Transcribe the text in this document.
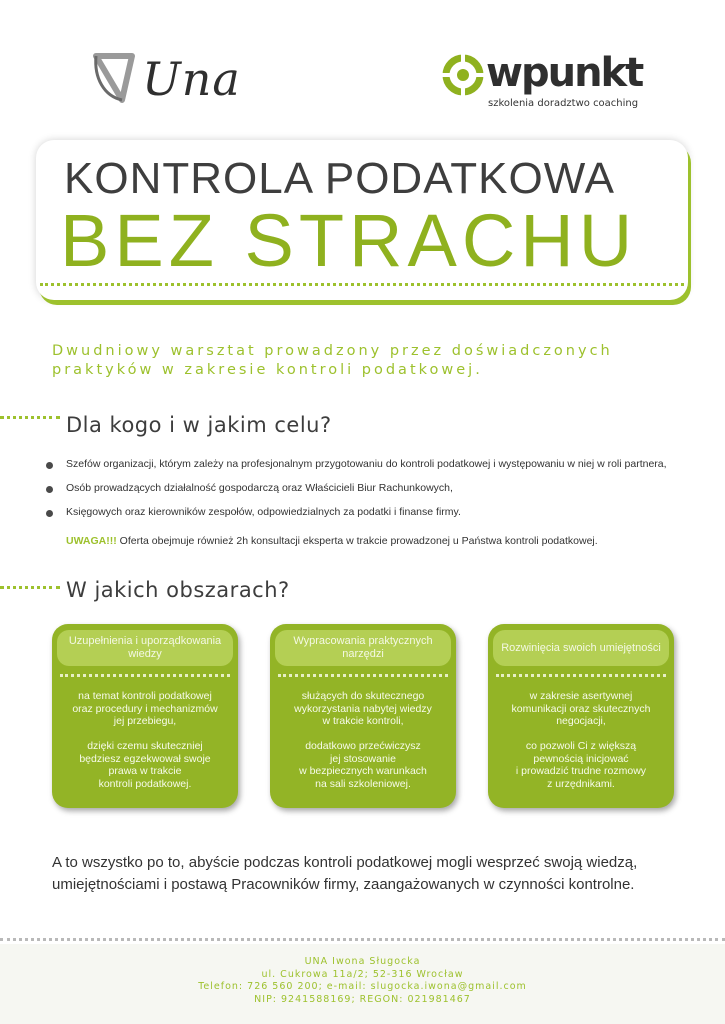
Una	wpunkt
szkolenia doradztwo coaching
KONTROLA PODATKOWA
BEZ STRACHU
Dwudniowy warsztat prowadzony przez doświadczonych praktyków w zakresie kontroli podatkowej.
Dla kogo i w jakim celu?
Szefów organizacji, którym zależy na profesjonalnym przygotowaniu do kontroli podatkowej i występowaniu w niej w roli partnera,
Osób prowadzących działalność gospodarczą oraz Właścicieli Biur Rachunkowych,
Księgowych oraz kierowników zespołów, odpowiedzialnych za podatki i finanse firmy.
UWAGA!!! Oferta obejmuje również 2h konsultacji eksperta w trakcie prowadzonej u Państwa kontroli podatkowej.
W jakich obszarach?
Uzupełnienia i uporządkowania wiedzy
na temat kontroli podatkowej
oraz procedury i mechanizmów
jej przebiegu,

dzięki czemu skuteczniej
będziesz egzekwował swoje
prawa w trakcie
kontroli podatkowej.
Wypracowania praktycznych narzędzi
służących do skutecznego
wykorzystania nabytej wiedzy
w trakcie kontroli,

dodatkowo przećwiczysz
jej stosowanie
w bezpiecznych warunkach
na sali szkoleniowej.
Rozwinięcia swoich umiejętności
w zakresie asertywnej
komunikacji oraz skutecznych
negocjacji,

co pozwoli Ci z większą
pewnością inicjować
i prowadzić trudne rozmowy
z urzędnikami.
A to wszystko po to, abyście podczas kontroli podatkowej mogli wesprzeć swoją wiedzą, umiejętnościami i postawą Pracowników firmy, zaangażowanych w czynności kontrolne.
UNA Iwona Sługocka
ul. Cukrowa 11a/2; 52-316 Wrocław
Telefon: 726 560 200; e-mail: slugocka.iwona@gmail.com
NIP: 9241588169; REGON: 021981467
